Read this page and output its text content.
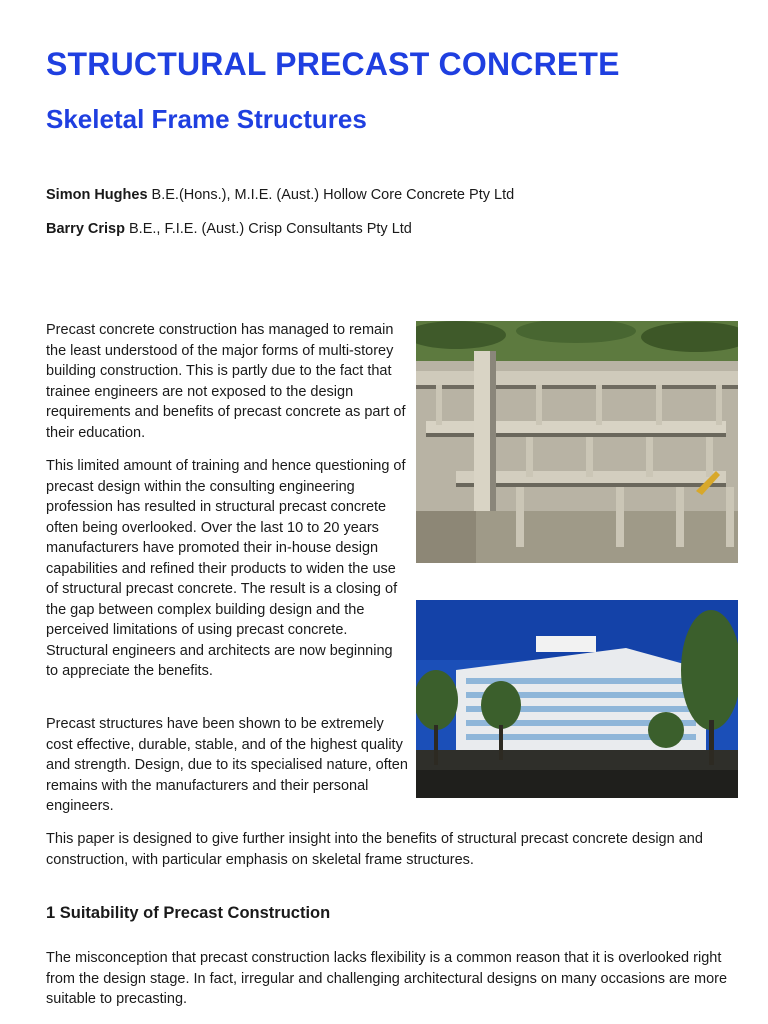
STRUCTURAL PRECAST CONCRETE
Skeletal Frame Structures
Simon Hughes B.E.(Hons.), M.I.E. (Aust.) Hollow Core Concrete Pty Ltd
Barry Crisp B.E., F.I.E. (Aust.) Crisp Consultants Pty Ltd

Precast concrete construction has managed to remain the least understood of the major forms of multi-storey building construction. This is partly due to the fact that trainee engineers are not exposed to the design requirements and benefits of precast concrete as part of their education.

This limited amount of training and hence questioning of precast design within the consulting engineering profession has resulted in structural precast concrete often being overlooked. Over the last 10 to 20 years manufacturers have promoted their in-house design capabilities and refined their products to widen the use of structural precast concrete. The result is a closing of the gap between complex building design and the perceived limitations of using precast concrete. Structural engineers and architects are now beginning to appreciate the benefits.

Precast structures have been shown to be extremely cost effective, durable, stable, and of the highest quality and strength. Design, due to its specialised nature, often remains with the manufacturers and their personal engineers.

This paper is designed to give further insight into the benefits of structural precast concrete design and construction, with particular emphasis on skeletal frame structures.

1 Suitability of Precast Construction

The misconception that precast construction lacks flexibility is a common reason that it is overlooked right from the design stage. In fact, irregular and challenging architectural designs on many occasions are more suitable to precasting.
